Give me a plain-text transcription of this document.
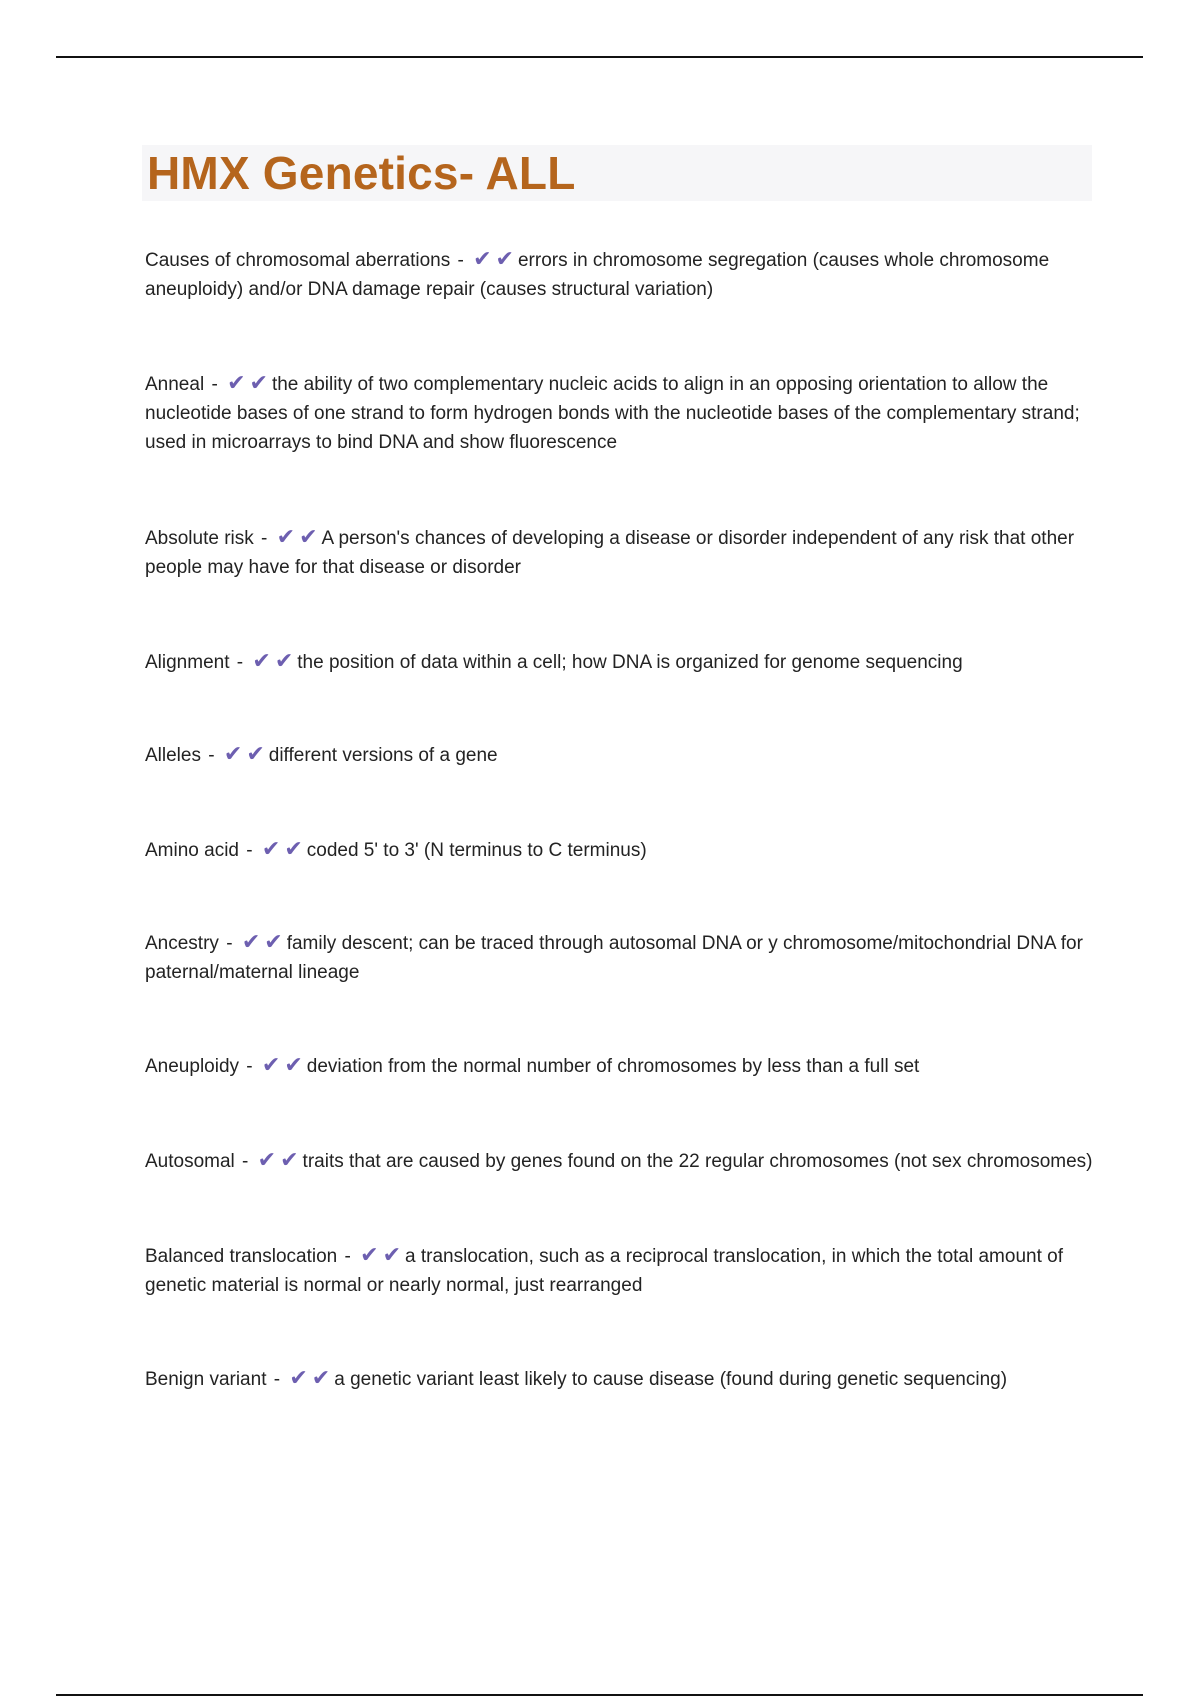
HMX Genetics- ALL

Causes of chromosomal aberrations - ✔ ✔ errors in chromosome segregation (causes whole chromosome aneuploidy) and/or DNA damage repair (causes structural variation)

Anneal - ✔ ✔ the ability of two complementary nucleic acids to align in an opposing orientation to allow the nucleotide bases of one strand to form hydrogen bonds with the nucleotide bases of the complementary strand; used in microarrays to bind DNA and show fluorescence

Absolute risk - ✔ ✔ A person's chances of developing a disease or disorder independent of any risk that other people may have for that disease or disorder

Alignment - ✔ ✔ the position of data within a cell; how DNA is organized for genome sequencing

Alleles - ✔ ✔ different versions of a gene

Amino acid - ✔ ✔ coded 5' to 3' (N terminus to C terminus)

Ancestry - ✔ ✔ family descent; can be traced through autosomal DNA or y chromosome/mitochondrial DNA for paternal/maternal lineage

Aneuploidy - ✔ ✔ deviation from the normal number of chromosomes by less than a full set

Autosomal - ✔ ✔ traits that are caused by genes found on the 22 regular chromosomes (not sex chromosomes)

Balanced translocation - ✔ ✔ a translocation, such as a reciprocal translocation, in which the total amount of genetic material is normal or nearly normal, just rearranged

Benign variant - ✔ ✔ a genetic variant least likely to cause disease (found during genetic sequencing)
